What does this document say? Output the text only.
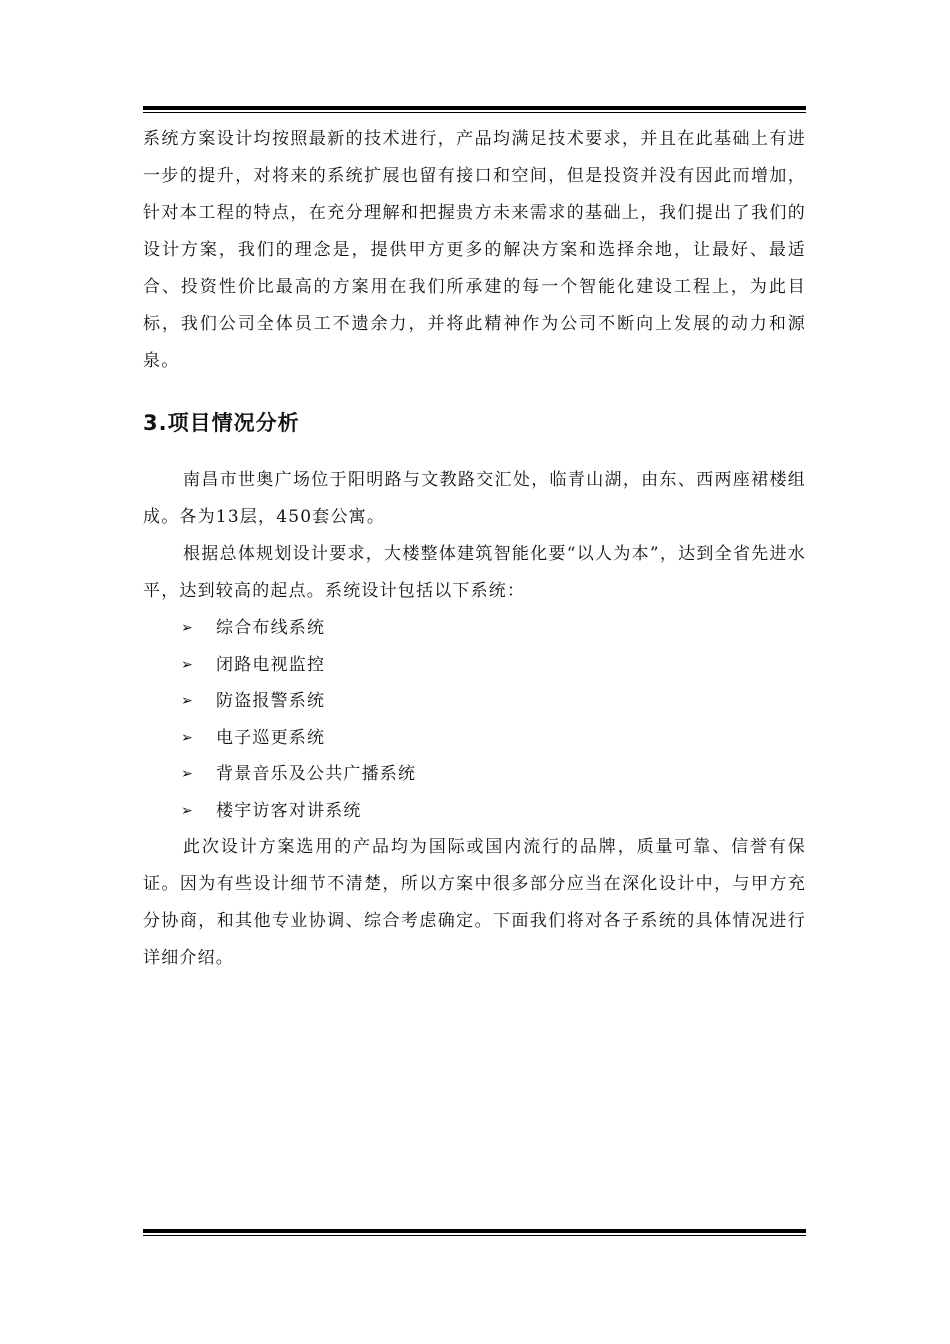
系统方案设计均按照最新的技术进行，产品均满足技术要求，并且在此基础上有进一步的提升，对将来的系统扩展也留有接口和空间，但是投资并没有因此而增加，针对本工程的特点，在充分理解和把握贵方未来需求的基础上，我们提出了我们的设计方案，我们的理念是，提供甲方更多的解决方案和选择余地，让最好、最适合、投资性价比最高的方案用在我们所承建的每一个智能化建设工程上，为此目标，我们公司全体员工不遗余力，并将此精神作为公司不断向上发展的动力和源泉。

3.项目情况分析

南昌市世奥广场位于阳明路与文教路交汇处，临青山湖，由东、西两座裙楼组成。各为13层，450套公寓。

根据总体规划设计要求，大楼整体建筑智能化要“以人为本”，达到全省先进水平，达到较高的起点。系统设计包括以下系统：

➢ 综合布线系统
➢ 闭路电视监控
➢ 防盗报警系统
➢ 电子巡更系统
➢ 背景音乐及公共广播系统
➢ 楼宇访客对讲系统

此次设计方案选用的产品均为国际或国内流行的品牌，质量可靠、信誉有保证。因为有些设计细节不清楚，所以方案中很多部分应当在深化设计中，与甲方充分协商，和其他专业协调、综合考虑确定。下面我们将对各子系统的具体情况进行详细介绍。
